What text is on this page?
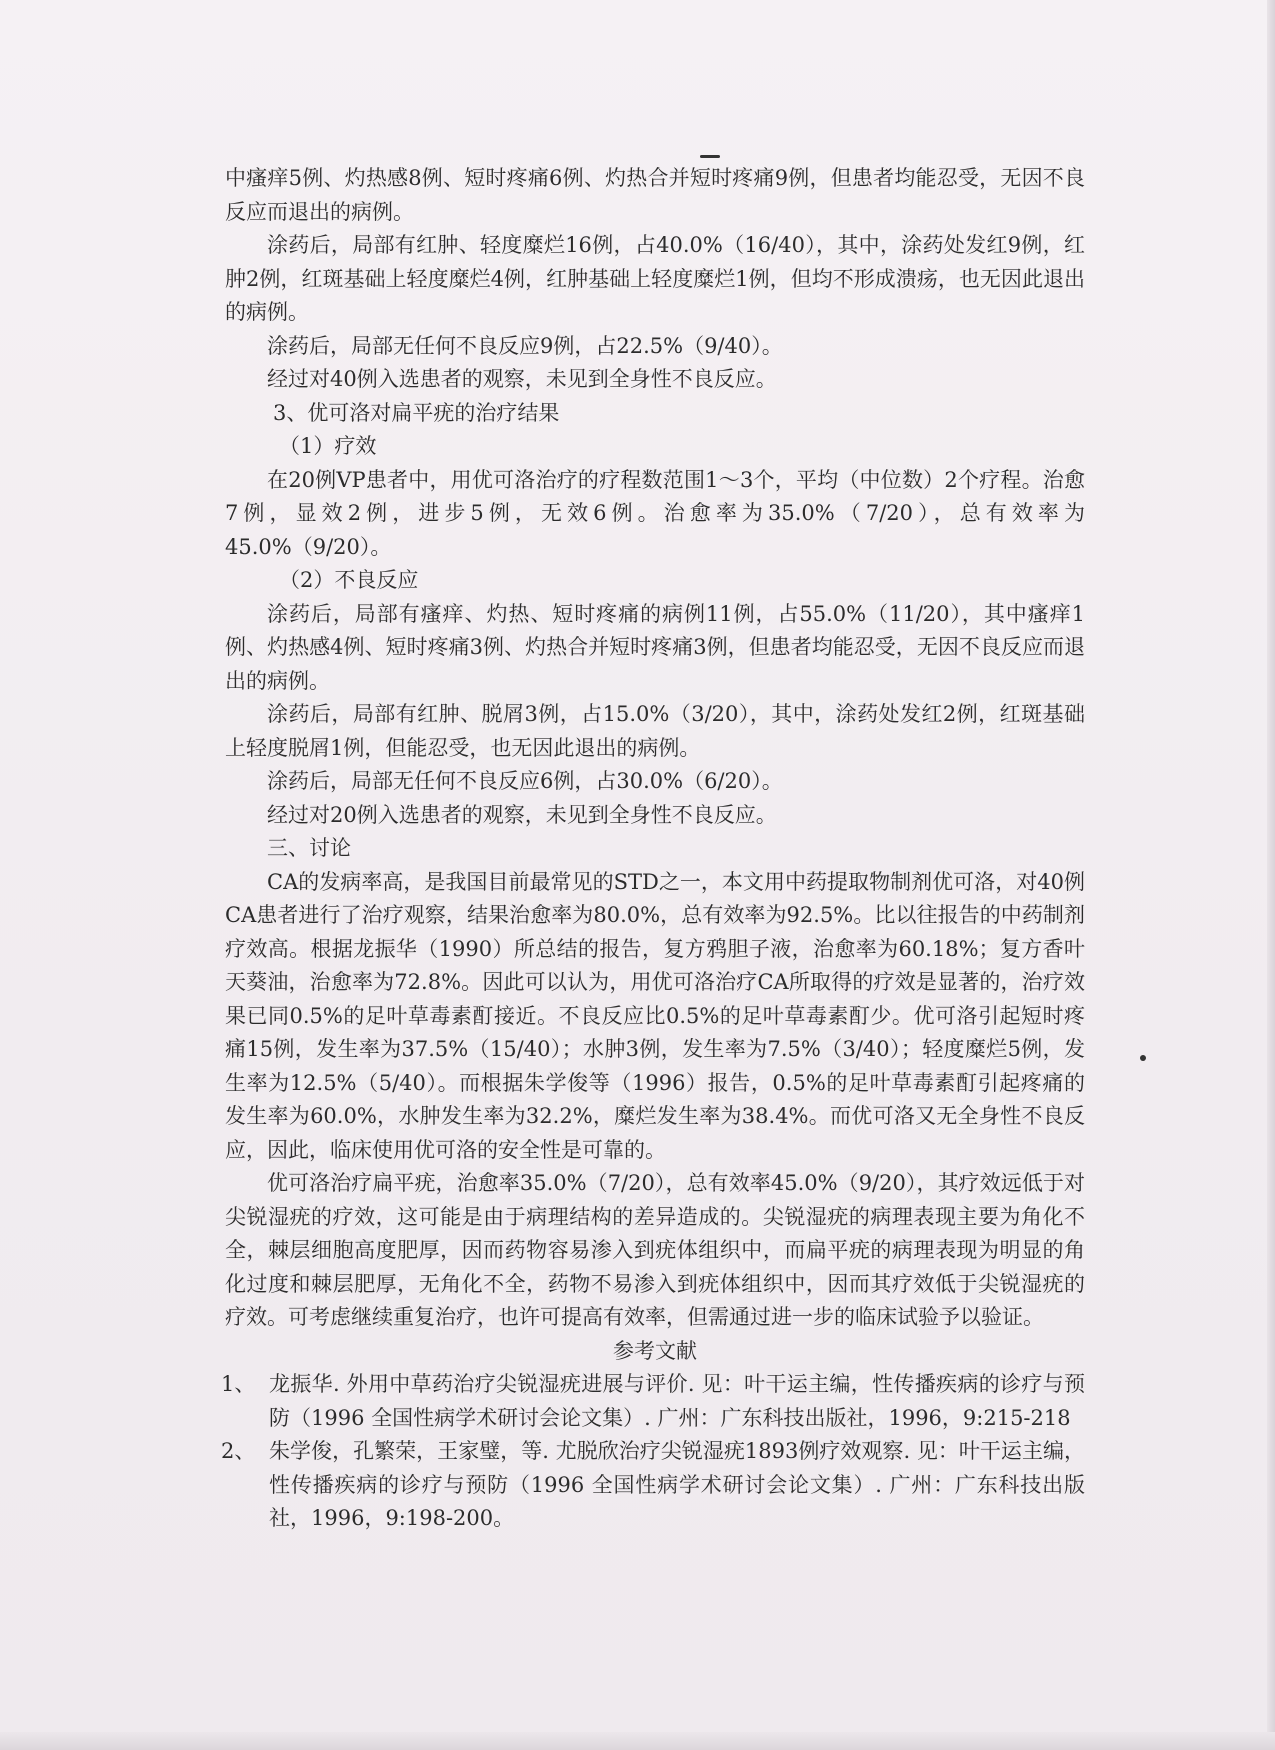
中瘙痒5例、灼热感8例、短时疼痛6例、灼热合并短时疼痛9例，但患者均能忍受，无因不良反应而退出的病例。

涂药后，局部有红肿、轻度糜烂16例，占40.0%（16/40），其中，涂药处发红9例，红肿2例，红斑基础上轻度糜烂4例，红肿基础上轻度糜烂1例，但均不形成溃疡，也无因此退出的病例。

涂药后，局部无任何不良反应9例，占22.5%（9/40）。

经过对40例入选患者的观察，未见到全身性不良反应。

3、优可洛对扁平疣的治疗结果

（1）疗效

在20例VP患者中，用优可洛治疗的疗程数范围1～3个，平均（中位数）2个疗程。治愈7例，显效2例，进步5例，无效6例。治愈率为35.0%（7/20），总有效率为45.0%（9/20）。

（2）不良反应

涂药后，局部有瘙痒、灼热、短时疼痛的病例11例，占55.0%（11/20），其中瘙痒1例、灼热感4例、短时疼痛3例、灼热合并短时疼痛3例，但患者均能忍受，无因不良反应而退出的病例。

涂药后，局部有红肿、脱屑3例，占15.0%（3/20），其中，涂药处发红2例，红斑基础上轻度脱屑1例，但能忍受，也无因此退出的病例。

涂药后，局部无任何不良反应6例，占30.0%（6/20）。

经过对20例入选患者的观察，未见到全身性不良反应。

三、讨论

CA的发病率高，是我国目前最常见的STD之一，本文用中药提取物制剂优可洛，对40例CA患者进行了治疗观察，结果治愈率为80.0%，总有效率为92.5%。比以往报告的中药制剂疗效高。根据龙振华（1990）所总结的报告，复方鸦胆子液，治愈率为60.18%；复方香叶天葵油，治愈率为72.8%。因此可以认为，用优可洛治疗CA所取得的疗效是显著的，治疗效果已同0.5%的足叶草毒素酊接近。不良反应比0.5%的足叶草毒素酊少。优可洛引起短时疼痛15例，发生率为37.5%（15/40）；水肿3例，发生率为7.5%（3/40）；轻度糜烂5例，发生率为12.5%（5/40）。而根据朱学俊等（1996）报告，0.5%的足叶草毒素酊引起疼痛的发生率为60.0%，水肿发生率为32.2%，糜烂发生率为38.4%。而优可洛又无全身性不良反应，因此，临床使用优可洛的安全性是可靠的。

优可洛治疗扁平疣，治愈率35.0%（7/20），总有效率45.0%（9/20），其疗效远低于对尖锐湿疣的疗效，这可能是由于病理结构的差异造成的。尖锐湿疣的病理表现主要为角化不全，棘层细胞高度肥厚，因而药物容易渗入到疣体组织中，而扁平疣的病理表现为明显的角化过度和棘层肥厚，无角化不全，药物不易渗入到疣体组织中，因而其疗效低于尖锐湿疣的疗效。可考虑继续重复治疗，也许可提高有效率，但需通过进一步的临床试验予以验证。

参考文献

1、 龙振华. 外用中草药治疗尖锐湿疣进展与评价. 见：叶干运主编，性传播疾病的诊疗与预防（1996 全国性病学术研讨会论文集）. 广州：广东科技出版社，1996，9:215-218
2、 朱学俊，孔繁荣，王家璧，等. 尤脱欣治疗尖锐湿疣1893例疗效观察. 见：叶干运主编，性传播疾病的诊疗与预防（1996 全国性病学术研讨会论文集）. 广州：广东科技出版社，1996，9:198-200。
